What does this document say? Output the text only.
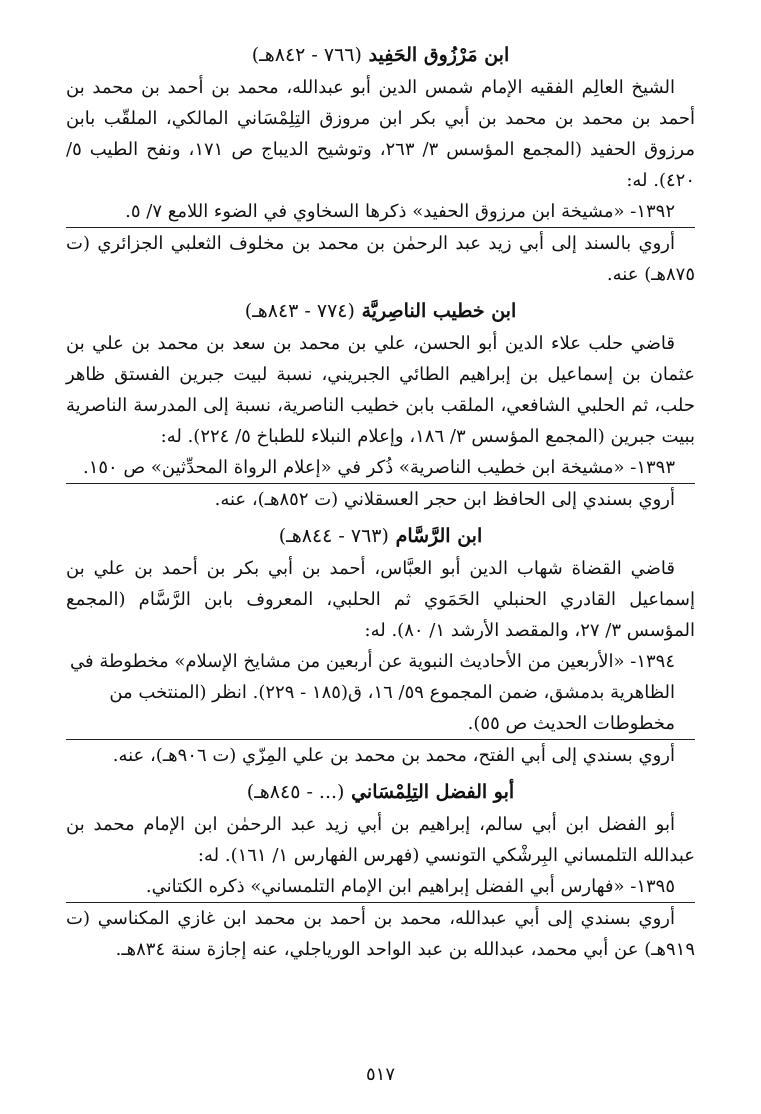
ابن مَرْزُوق الحَفِيد (٧٦٦ - ٨٤٢هـ)

الشيخ العالِم الفقيه الإمام شمس الدين أبو عبدالله، محمد بن أحمد بن محمد بن أحمد بن محمد بن محمد بن أبي بكر ابن مروزق التِلِمْسَاني المالكي، الملقّب بابن مرزوق الحفيد (المجمع المؤسس ٣/ ٢٦٣، وتوشيح الديباج ص ١٧١، ونفح الطيب ٥/ ٤٢٠). له:

١٣٩٢- «مشيخة ابن مرزوق الحفيد» ذكرها السخاوي في الضوء اللامع ٧/ ٥.

أروي بالسند إلى أبي زيد عبد الرحمٰن بن محمد بن مخلوف الثعلبي الجزائري (ت ٨٧٥هـ) عنه.

ابن خطيب الناصِريَّة (٧٧٤ - ٨٤٣هـ)

قاضي حلب علاء الدين أبو الحسن، علي بن محمد بن سعد بن محمد بن علي بن عثمان بن إسماعيل بن إبراهيم الطائي الجبريني، نسبة لبيت جبرين الفستق ظاهر حلب، ثم الحلبي الشافعي، الملقب بابن خطيب الناصرية، نسبة إلى المدرسة الناصرية ببيت جبرين (المجمع المؤسس ٣/ ١٨٦، وإعلام النبلاء للطباخ ٥/ ٢٢٤). له:

١٣٩٣- «مشيخة ابن خطيب الناصرية» ذُكر في «إعلام الرواة المحدِّثين» ص ١٥٠.

أروي بسندي إلى الحافظ ابن حجر العسقلاني (ت ٨٥٢هـ)، عنه.

ابن الرَّسَّام (٧٦٣ - ٨٤٤هـ)

قاضي القضاة شهاب الدين أبو العبَّاس، أحمد بن أبي بكر بن أحمد بن علي بن إسماعيل القادري الحنبلي الحَمَوي ثم الحلبي، المعروف بابن الرَّسَّام (المجمع المؤسس ٣/ ٢٧، والمقصد الأرشد ١/ ٨٠). له:

١٣٩٤- «الأربعين من الأحاديث النبوية عن أربعين من مشايخ الإسلام» مخطوطة في الظاهرية بدمشق، ضمن المجموع ٥٩/ ١٦، ق(١٨٥ - ٢٢٩). انظر (المنتخب من مخطوطات الحديث ص ٥٥).

أروي بسندي إلى أبي الفتح، محمد بن محمد بن علي المِزّي (ت ٩٠٦هـ)، عنه.

أبو الفضل التِلِمْسَاني (... - ٨٤٥هـ)

أبو الفضل ابن أبي سالم، إبراهيم بن أبي زيد عبد الرحمٰن ابن الإمام محمد بن عبدالله التلمساني البِرشْكي التونسي (فهرس الفهارس ١/ ١٦١). له:

١٣٩٥- «فهارس أبي الفضل إبراهيم ابن الإمام التلمساني» ذكره الكتاني.

أروي بسندي إلى أبي عبدالله، محمد بن أحمد بن محمد ابن غازي المكناسي (ت ٩١٩هـ) عن أبي محمد، عبدالله بن عبد الواحد الورياجلي، عنه إجازة سنة ٨٣٤هـ.

٥١٧
